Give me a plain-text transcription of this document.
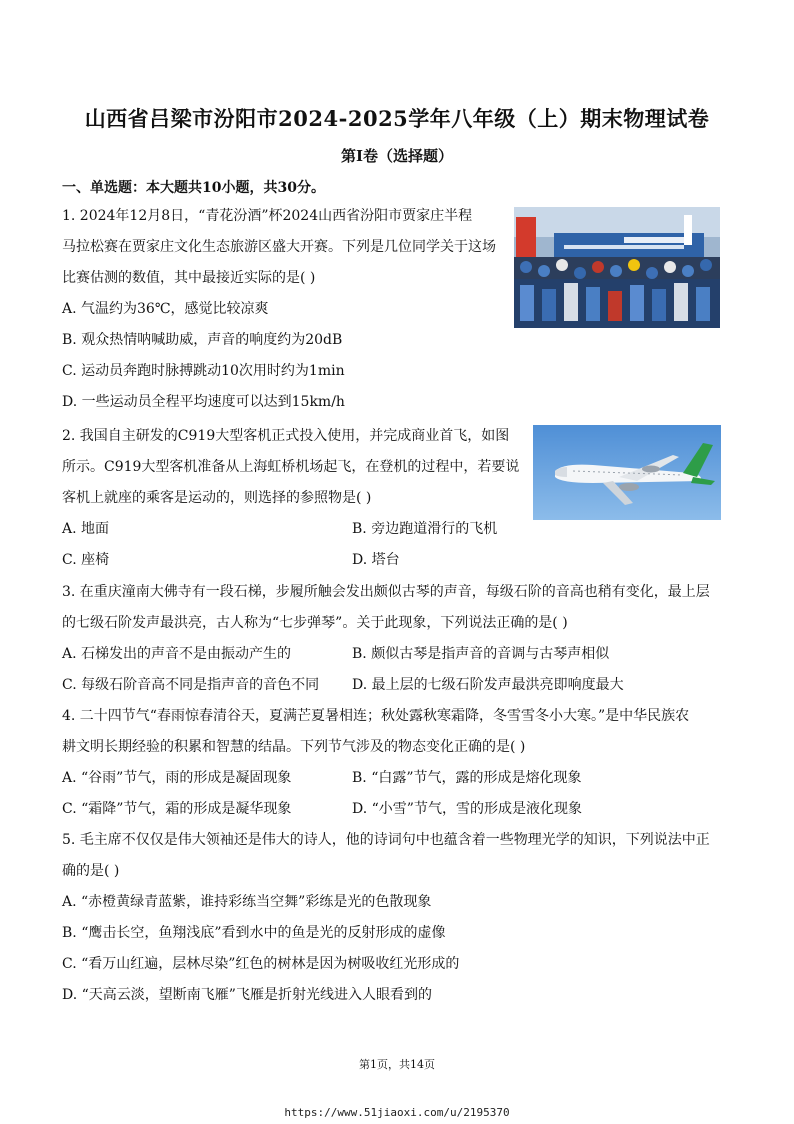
山西省吕梁市汾阳市2024-2025学年八年级（上）期末物理试卷
第I卷（选择题）
一、单选题：本大题共10小题，共30分。
1. 2024年12月8日，“青花汾酒”杯2024山西省汾阳市贾家庄半程
马拉松赛在贾家庄文化生态旅游区盛大开赛。下列是几位同学关于这场
比赛估测的数值，其中最接近实际的是( )
A. 气温约为36℃，感觉比较凉爽
B. 观众热情呐喊助威，声音的响度约为20dB
C. 运动员奔跑时脉搏跳动10次用时约为1min
D. 一些运动员全程平均速度可以达到15km/h
2. 我国自主研发的C919大型客机正式投入使用，并完成商业首飞，如图
所示。C919大型客机准备从上海虹桥机场起飞，在登机的过程中，若要说
客机上就座的乘客是运动的，则选择的参照物是( )
A. 地面	B. 旁边跑道滑行的飞机
C. 座椅	D. 塔台
3. 在重庆潼南大佛寺有一段石梯，步履所触会发出颇似古琴的声音，每级石阶的音高也稍有变化，最上层
的七级石阶发声最洪亮，古人称为“七步弹琴”。关于此现象，下列说法正确的是( )
A. 石梯发出的声音不是由振动产生的	B. 颇似古琴是指声音的音调与古琴声相似
C. 每级石阶音高不同是指声音的音色不同 D. 最上层的七级石阶发声最洪亮即响度最大
4. 二十四节气“春雨惊春清谷天，夏满芒夏暑相连；秋处露秋寒霜降，冬雪雪冬小大寒。”是中华民族农
耕文明长期经验的积累和智慧的结晶。下列节气涉及的物态变化正确的是( )
A. “谷雨”节气，雨的形成是凝固现象	B. “白露”节气，露的形成是熔化现象
C. “霜降”节气，霜的形成是凝华现象	D. “小雪”节气，雪的形成是液化现象
5. 毛主席不仅仅是伟大领袖还是伟大的诗人，他的诗词句中也蕴含着一些物理光学的知识，下列说法中正
确的是( )
A. “赤橙黄绿青蓝紫，谁持彩练当空舞”彩练是光的色散现象
B. “鹰击长空，鱼翔浅底”看到水中的鱼是光的反射形成的虚像
C. “看万山红遍，层林尽染”红色的树林是因为树吸收红光形成的
D. “天高云淡，望断南飞雁”飞雁是折射光线进入人眼看到的
第1页，共14页
https://www.51jiaoxi.com/u/2195370
